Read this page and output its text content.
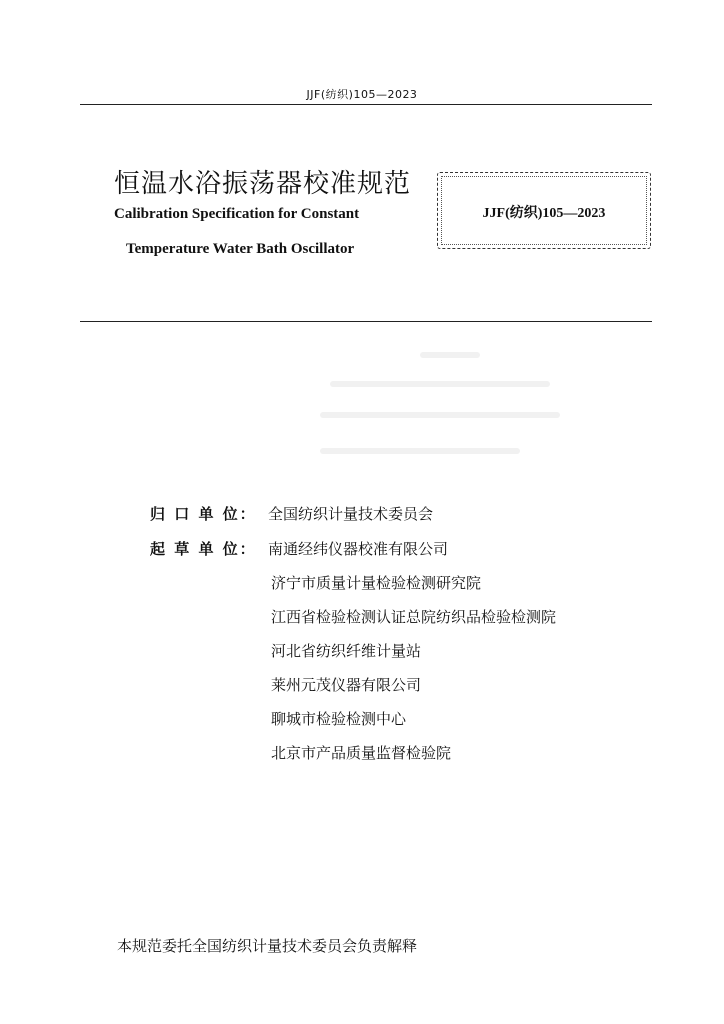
JJF(纺织)105—2023
恒温水浴振荡器校准规范
Calibration Specification for Constant
Temperature Water Bath Oscillator
JJF(纺织)105—2023
归 口 单 位： 全国纺织计量技术委员会
起 草 单 位： 南通经纬仪器校准有限公司
济宁市质量计量检验检测研究院
江西省检验检测认证总院纺织品检验检测院
河北省纺织纤维计量站
莱州元茂仪器有限公司
聊城市检验检测中心
北京市产品质量监督检验院
本规范委托全国纺织计量技术委员会负责解释
